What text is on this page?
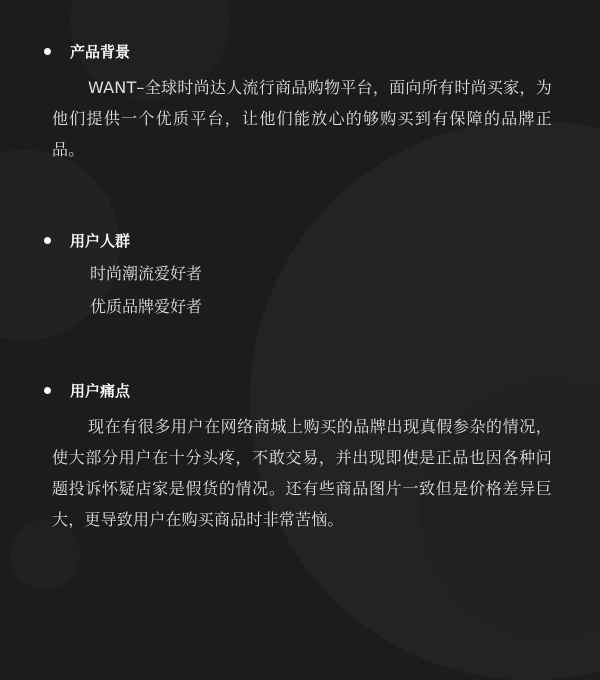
产品背景
WANT–全球时尚达人流行商品购物平台，面向所有时尚买家，为他们提供一个优质平台，让他们能放心的够购买到有保障的品牌正品。
用户人群
时尚潮流爱好者
优质品牌爱好者
用户痛点
现在有很多用户在网络商城上购买的品牌出现真假参杂的情况，使大部分用户在十分头疼，不敢交易，并出现即使是正品也因各种问题投诉怀疑店家是假货的情况。还有些商品图片一致但是价格差异巨大，更导致用户在购买商品时非常苦恼。
